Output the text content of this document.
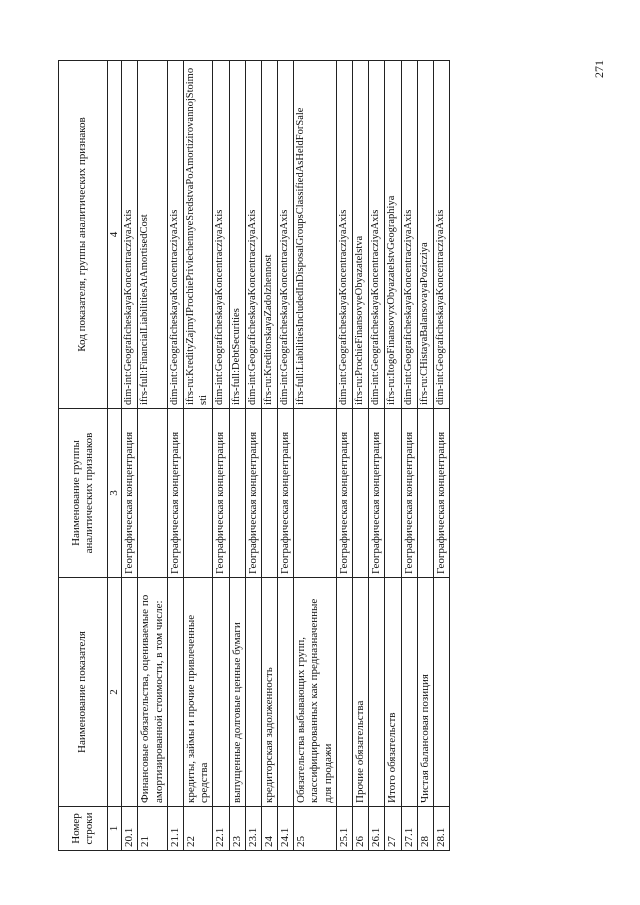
271
Номер строки	Наименование показателя	Наименование группы аналитических признаков	Код показателя, группы аналитических признаков
1	2	3	4
20.1		Географическая концентрация	dim-int:GeograficheskayaKoncentracziyaAxis
21	Финансовые обязательства, оцениваемые по амортизированной стоимости, в том числе:		ifrs-full:FinancialLiabilitiesAtAmortisedCost
21.1		Географическая концентрация	dim-int:GeograficheskayaKoncentracziyaAxis
22	кредиты, займы и прочие привлеченные средства		ifrs-ru:KredityZajmyIProchiePrivlechennyeSredstvaPoAmortizirovannojStoimosti
22.1		Географическая концентрация	dim-int:GeograficheskayaKoncentracziyaAxis
23	выпущенные долговые ценные бумаги		ifrs-full:DebtSecurities
23.1		Географическая концентрация	dim-int:GeograficheskayaKoncentracziyaAxis
24	кредиторская задолженность		ifrs-ru:KreditorskayaZadolzhennost
24.1		Географическая концентрация	dim-int:GeograficheskayaKoncentracziyaAxis
25	Обязательства выбывающих групп, классифицированных как предназначенные для продажи		ifrs-full:LiabilitiesIncludedInDisposalGroupsClassifiedAsHeldForSale
25.1		Географическая концентрация	dim-int:GeograficheskayaKoncentracziyaAxis
26	Прочие обязательства		ifrs-ru:ProchieFinansovyeObyazatelstva
26.1		Географическая концентрация	dim-int:GeograficheskayaKoncentracziyaAxis
27	Итого обязательств		ifrs-ru:ItogoFinansovyxObyazatelstvGeographiya
27.1		Географическая концентрация	dim-int:GeograficheskayaKoncentracziyaAxis
28	Чистая балансовая позиция		ifrs-ru:CHistayaBalansovayaPozicziya
28.1		Географическая концентрация	dim-int:GeograficheskayaKoncentracziyaAxis
